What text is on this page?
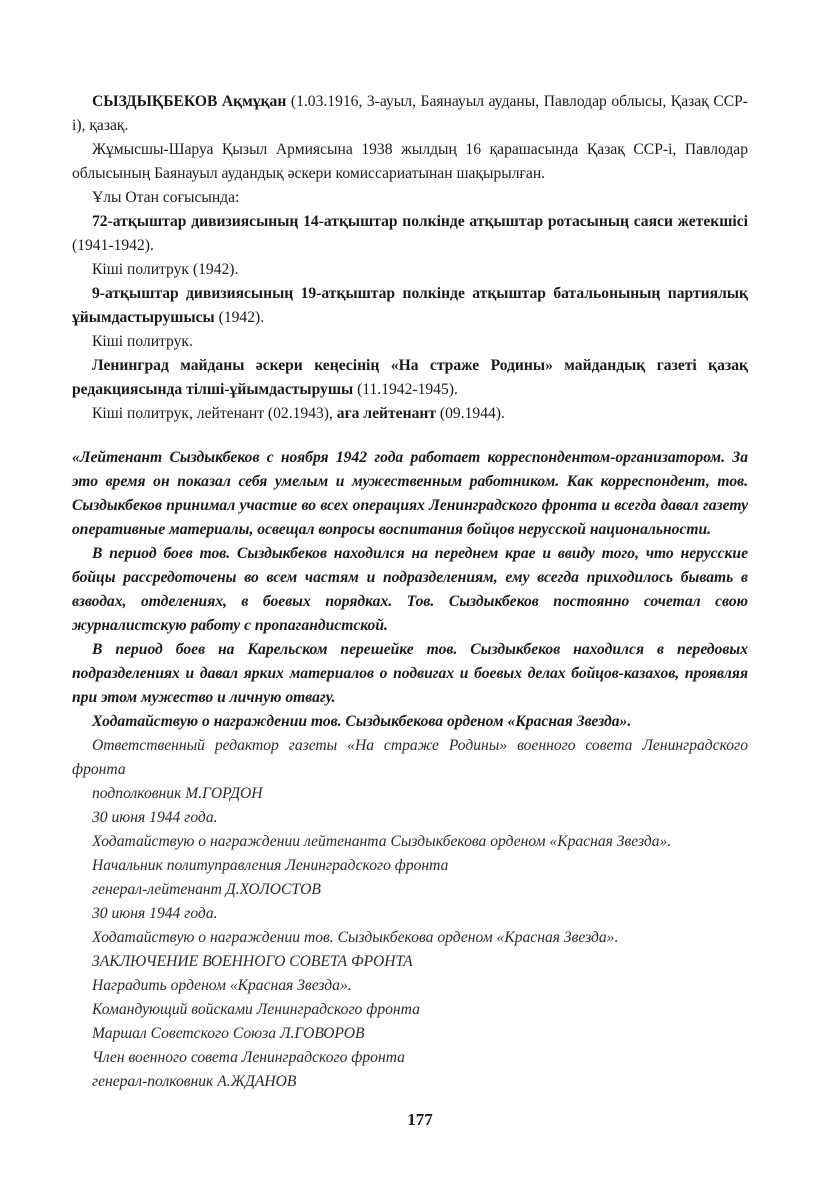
СЫЗДЫҚБЕКОВ Ақмұқан (1.03.1916, 3-ауыл, Баянауыл ауданы, Павлодар облысы, Қазақ ССР-і), қазақ.

Жұмысшы-Шаруа Қызыл Армиясына 1938 жылдың 16 қарашасында Қазақ ССР-і, Павлодар облысының Баянауыл аудандық әскери комиссариатынан шақырылған.

Ұлы Отан соғысында:

72-атқыштар дивизиясының 14-атқыштар полкінде атқыштар ротасының саяси жетекшісі (1941-1942).

Кіші политрук (1942).

9-атқыштар дивизиясының 19-атқыштар полкінде атқыштар батальонының партиялық ұйымдастырушысы (1942).

Кіші политрук.

Ленинград майданы әскери кеңесінің «На страже Родины» майдандық газеті қазақ редакциясында тілші-ұйымдастырушы (11.1942-1945).

Кіші политрук, лейтенант (02.1943), аға лейтенант (09.1944).

«Лейтенант Сыздыкбеков с ноября 1942 года работает корреспондентом-организатором. За это время он показал себя умелым и мужественным работником. Как корреспондент, тов. Сыздыкбеков принимал участие во всех операциях Ленинградского фронта и всегда давал газету оперативные материалы, освещал вопросы воспитания бойцов нерусской национальности.

В период боев тов. Сыздыкбеков находился на переднем крае и ввиду того, что нерусские бойцы рассредоточены во всем частям и подразделениям, ему всегда приходилось бывать в взводах, отделениях, в боевых порядках. Тов. Сыздыкбеков постоянно сочетал свою журналистскую работу с пропагандистской.

В период боев на Карельском перешейке тов. Сыздыкбеков находился в передовых подразделениях и давал ярких материалов о подвигах и боевых делах бойцов-казахов, проявляя при этом мужество и личную отвагу.

Ходатайствую о награждении тов. Сыздыкбекова орденом «Красная Звезда».

Ответственный редактор газеты «На страже Родины» военного совета Ленинградского фронта

подполковник М.ГОРДОН

30 июня 1944 года.

Ходатайствую о награждении лейтенанта Сыздыкбекова орденом «Красная Звезда».

Начальник политуправления Ленинградского фронта

генерал-лейтенант Д.ХОЛОСТОВ

30 июня 1944 года.

Ходатайствую о награждении тов. Сыздыкбекова орденом «Красная Звезда».

ЗАКЛЮЧЕНИЕ ВОЕННОГО СОВЕТА ФРОНТА

Наградить орденом «Красная Звезда».

Командующий войсками Ленинградского фронта

Маршал Советского Союза Л.ГОВОРОВ

Член военного совета Ленинградского фронта

генерал-полковник А.ЖДАНОВ

177
